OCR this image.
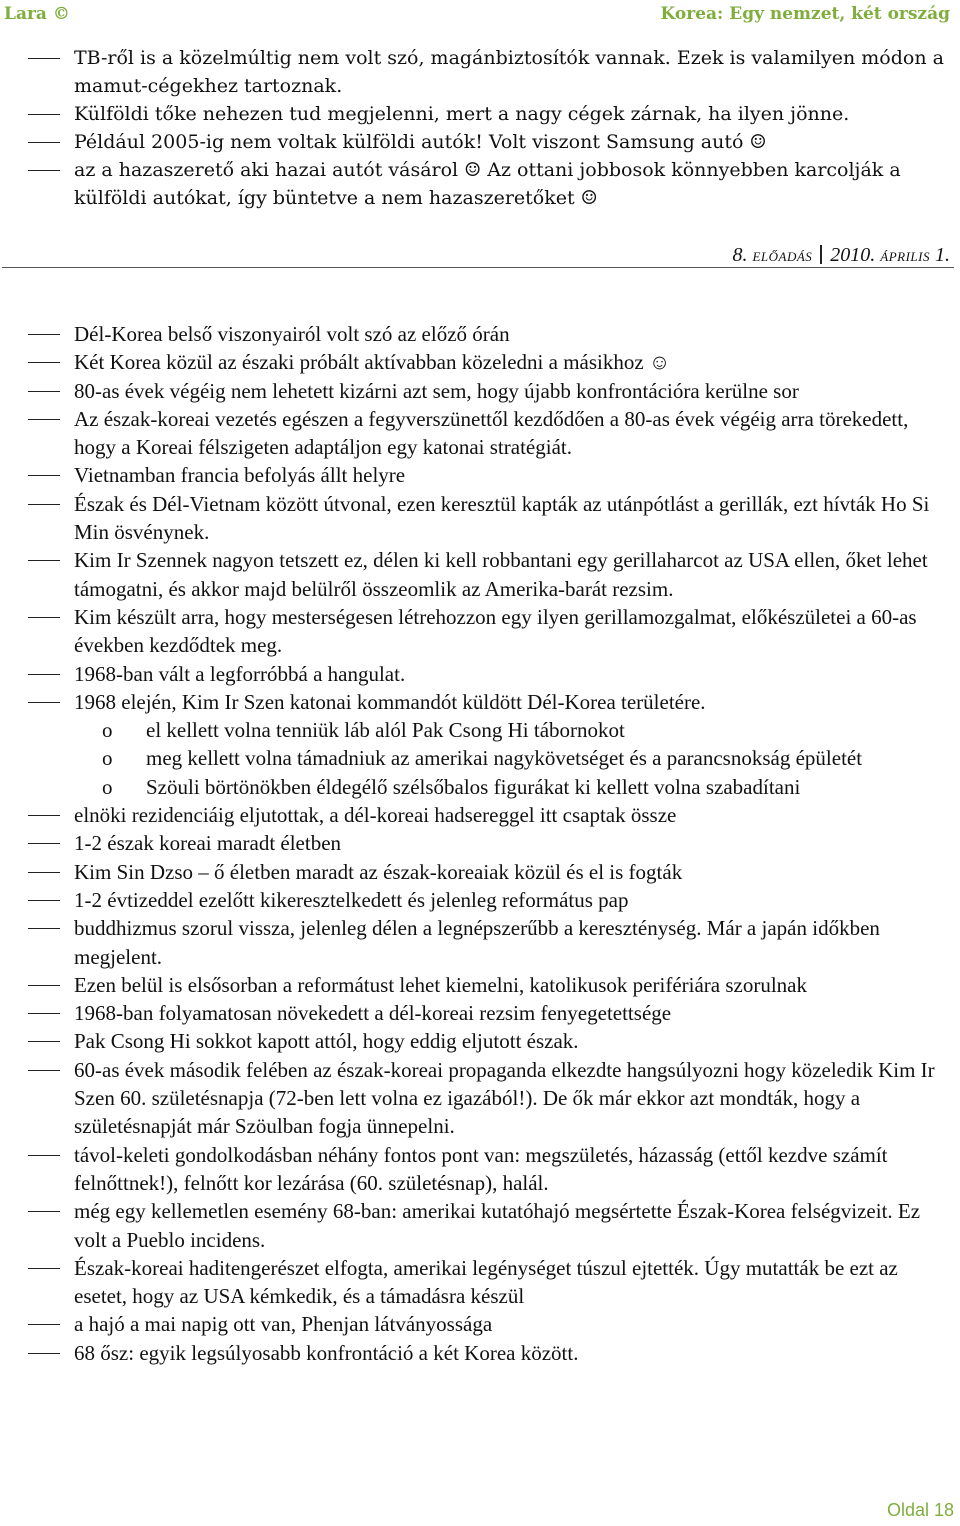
Lara ©	Korea: Egy nemzet, két ország
TB-ről is a közelmúltig nem volt szó, magánbiztosítók vannak. Ezek is valamilyen módon a mamut-cégekhez tartoznak.
Külföldi tőke nehezen tud megjelenni, mert a nagy cégek zárnak, ha ilyen jönne.
Például 2005-ig nem voltak külföldi autók! Volt viszont Samsung autó ☺
az a hazaszerető aki hazai autót vásárol ☺ Az ottani jobbosok könnyebben karcolják a külföldi autókat, így büntetve a nem hazaszeretőket ☺
8. ELŐADÁS 2010. ÁPRILIS 1.
Dél-Korea belső viszonyairól volt szó az előző órán
Két Korea közül az északi próbált aktívabban közeledni a másikhoz ☺
80-as évek végéig nem lehetett kizárni azt sem, hogy újabb konfrontációra kerülne sor
Az észak-koreai vezetés egészen a fegyverszünettől kezdődően a 80-as évek végéig arra törekedett, hogy a Koreai félszigeten adaptáljon egy katonai stratégiát.
Vietnamban francia befolyás állt helyre
Észak és Dél-Vietnam között útvonal, ezen keresztül kapták az utánpótlást a gerillák, ezt hívták Ho Si Min ösvénynek.
Kim Ir Szennek nagyon tetszett ez, délen ki kell robbantani egy gerillaharcot az USA ellen, őket lehet támogatni, és akkor majd belülről összeomlik az Amerika-barát rezsim.
Kim készült arra, hogy mesterségesen létrehozzon egy ilyen gerillamozgalmat, előkészületei a 60-as években kezdődtek meg.
1968-ban vált a legforróbbá a hangulat.
1968 elején, Kim Ir Szen katonai kommandót küldött Dél-Korea területére.
o el kellett volna tenniük láb alól Pak Csong Hi tábornokot
o meg kellett volna támadniuk az amerikai nagykövetséget és a parancsnokság épületét
o Szöuli börtönökben éldegélő szélsőbalos figurákat ki kellett volna szabadítani
elnöki rezidenciáig eljutottak, a dél-koreai hadsereggel itt csaptak össze
1-2 észak koreai maradt életben
Kim Sin Dzso – ő életben maradt az észak-koreaiak közül és el is fogták
1-2 évtizeddel ezelőtt kikeresztelkedett és jelenleg református pap
buddhizmus szorul vissza, jelenleg délen a legnépszerűbb a kereszténység. Már a japán időkben megjelent.
Ezen belül is elsősorban a reformátust lehet kiemelni, katolikusok perifériára szorulnak
1968-ban folyamatosan növekedett a dél-koreai rezsim fenyegetettsége
Pak Csong Hi sokkot kapott attól, hogy eddig eljutott észak.
60-as évek második felében az észak-koreai propaganda elkezdte hangsúlyozni hogy közeledik Kim Ir Szen 60. születésnapja (72-ben lett volna ez igazából!). De ők már ekkor azt mondták, hogy a születésnapját már Szöulban fogja ünnepelni.
távol-keleti gondolkodásban néhány fontos pont van: megszületés, házasság (ettől kezdve számít felnőttnek!), felnőtt kor lezárása (60. születésnap), halál.
még egy kellemetlen esemény 68-ban: amerikai kutatóhajó megsértette Észak-Korea felségvizeit. Ez volt a Pueblo incidens.
Észak-koreai haditengerészet elfogta, amerikai legénységet túszul ejtették. Úgy mutatták be ezt az esetet, hogy az USA kémkedik, és a támadásra készül
a hajó a mai napig ott van, Phenjan látványossága
68 ősz: egyik legsúlyosabb konfrontáció a két Korea között.
Oldal 18
